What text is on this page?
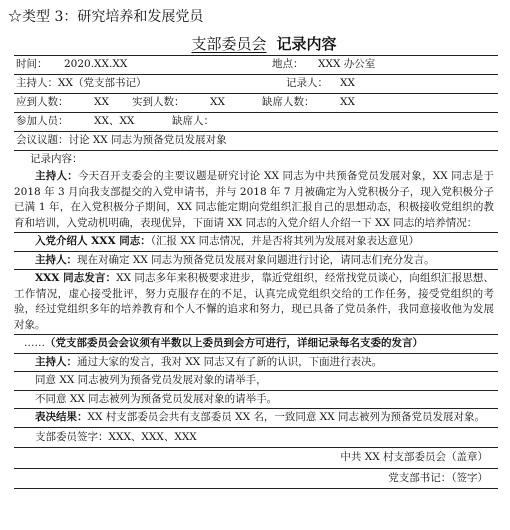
☆类型 3：研究培养和发展党员
支部委员会 记录内容
时间： 2020.XX.XX	地点： XXX 办公室
主持人：XX（党支部书记）	记录人： XX
应到人数： XX 实到人数： XX	缺席人数： XX
参加人员： XX、XX	缺席人：
会议议题：讨论 XX 同志为预备党员发展对象
记录内容：
主持人：今天召开支委会的主要议题是研究讨论 XX 同志为中共预备党员发展对象，XX 同志是于 2018 年 3 月向我支部提交的入党申请书，并与 2018 年 7 月被确定为入党积极分子，现入党积极分子已满 1 年，在入党积极分子期间，XX 同志能定期向党组织汇报自己的思想动态，积极接收党组织的教育和培训，入党动机明确，表现优异，下面请 XX 同志的入党介绍人介绍一下 XX 同志的培养情况：
入党介绍人 XXX 同志：（汇报 XX 同志情况，并是否将其列为发展对象表达意见）
主持人：现在对确定 XX 同志为预备党员发展对象问题进行讨论，请同志们充分发言。
XXX 同志发言：XX 同志多年来积极要求进步，靠近党组织，经常找党员谈心，向组织汇报思想、工作情况，虚心接受批评，努力克服存在的不足，认真完成党组织交给的工作任务，接受党组织的考验，经过党组织多年的培养教育和个人不懈的追求和努力，现已具备了党员条件，我同意接收他为发展对象。
……（党支部委员会会议须有半数以上委员到会方可进行，详细记录每名支委的发言）
主持人：通过大家的发言，我对 XX 同志又有了新的认识，下面进行表决。
同意 XX 同志被列为预备党员发展对象的请举手，
不同意 XX 同志被列为预备党员发展对象的请举手。
表决结果：XX 村支部委员会共有支部委员 XX 名，一致同意 XX 同志被列为预备党员发展对象。
支部委员签字：XXX、XXX、XXX
中共 XX 村支部委员会（盖章）
党支部书记：（签字）
